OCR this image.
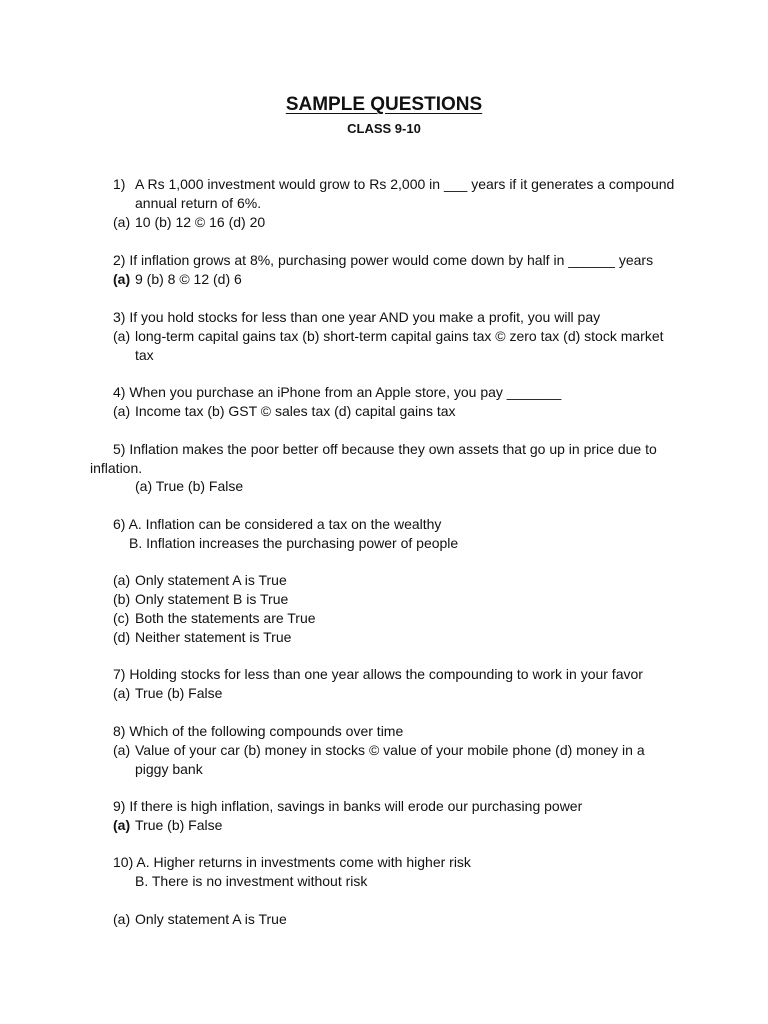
SAMPLE QUESTIONS
CLASS 9-10
1) A Rs 1,000 investment would grow to Rs 2,000 in ___ years if it generates a compound
annual return of 6%.
(a) 10 (b) 12 © 16 (d) 20
2) If inflation grows at 8%, purchasing power would come down by half in ______ years
(a) 9 (b) 8 © 12 (d) 6
3) If you hold stocks for less than one year AND you make a profit, you will pay
(a) long-term capital gains tax (b) short-term capital gains tax © zero tax (d) stock market
tax
4) When you purchase an iPhone from an Apple store, you pay _______
(a) Income tax (b) GST © sales tax (d) capital gains tax
5) Inflation makes the poor better off because they own assets that go up in price due to
inflation.
(a) True (b) False
6) A. Inflation can be considered a tax on the wealthy
B. Inflation increases the purchasing power of people
(a) Only statement A is True
(b) Only statement B is True
(c) Both the statements are True
(d) Neither statement is True
7) Holding stocks for less than one year allows the compounding to work in your favor
(a) True (b) False
8) Which of the following compounds over time
(a) Value of your car (b) money in stocks © value of your mobile phone (d) money in a
piggy bank
9) If there is high inflation, savings in banks will erode our purchasing power
(a) True (b) False
10) A. Higher returns in investments come with higher risk
B. There is no investment without risk
(a) Only statement A is True
